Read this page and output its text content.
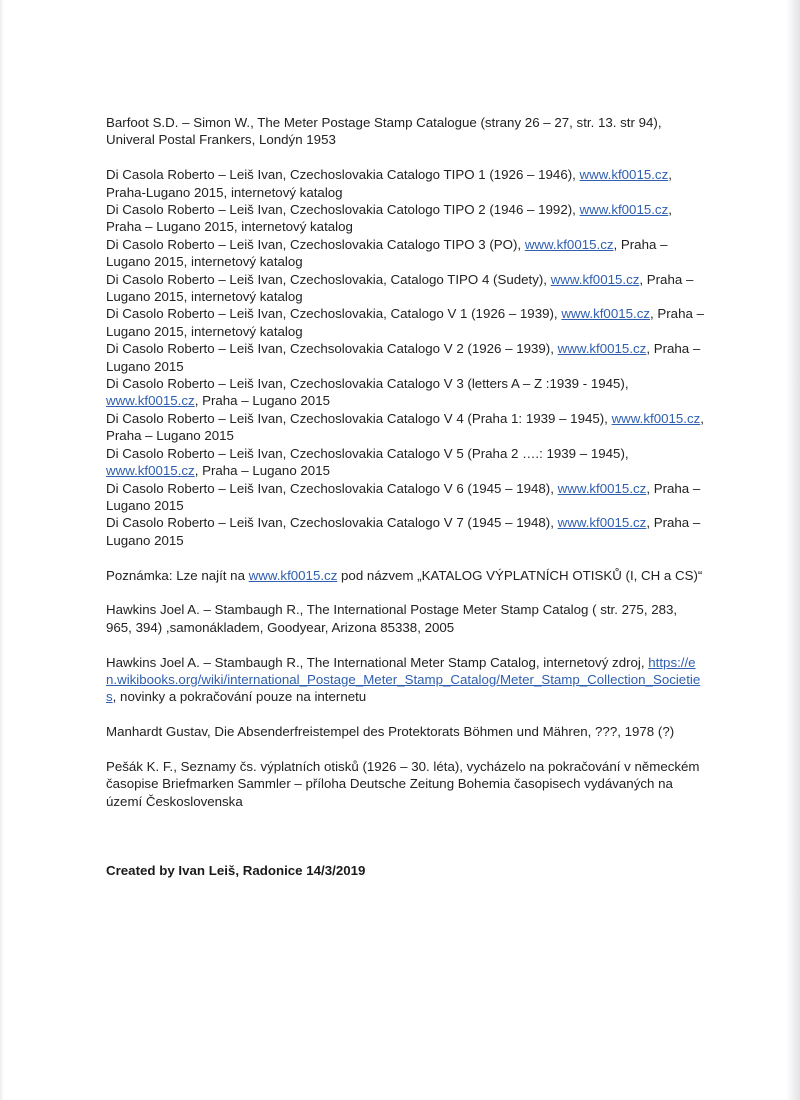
Barfoot S.D. – Simon W., The Meter Postage Stamp Catalogue (strany 26 – 27, str. 13. str 94), Univeral Postal Frankers, Londýn 1953

Di Casola Roberto – Leiš Ivan, Czechoslovakia Catalogo TIPO 1 (1926 – 1946), www.kf0015.cz, Praha-Lugano 2015, internetový katalog

Di Casolo Roberto – Leiš Ivan, Czechoslovakia Catologo TIPO 2 (1946 – 1992), www.kf0015.cz, Praha – Lugano 2015, internetový katalog

Di Casolo Roberto – Leiš Ivan, Czechoslovakia Catalogo TIPO 3 (PO), www.kf0015.cz, Praha – Lugano 2015, internetový katalog

Di Casolo Roberto – Leiš Ivan, Czechoslovakia, Catalogo TIPO 4 (Sudety), www.kf0015.cz, Praha – Lugano 2015, internetový katalog

Di Casolo Roberto – Leiš Ivan, Czechoslovakia, Catalogo V 1 (1926 – 1939), www.kf0015.cz, Praha – Lugano 2015, internetový katalog

Di Casolo Roberto – Leiš Ivan, Czechsolovakia Catalogo V 2 (1926 – 1939), www.kf0015.cz, Praha – Lugano 2015

Di Casolo Roberto – Leiš Ivan, Czechoslovakia Catalogo V 3 (letters A – Z :1939 - 1945), www.kf0015.cz, Praha – Lugano 2015

Di Casolo Roberto – Leiš Ivan, Czechoslovakia Catalogo V 4 (Praha 1: 1939 – 1945), www.kf0015.cz, Praha – Lugano 2015

Di Casolo Roberto – Leiš Ivan, Czechoslovakia Catalogo V 5 (Praha 2 ….: 1939 – 1945), www.kf0015.cz, Praha – Lugano 2015

Di Casolo Roberto – Leiš Ivan, Czechoslovakia Catalogo V 6 (1945 – 1948), www.kf0015.cz, Praha – Lugano 2015

Di Casolo Roberto – Leiš Ivan, Czechoslovakia Catalogo V 7 (1945 – 1948), www.kf0015.cz, Praha – Lugano 2015

Poznámka: Lze najít na www.kf0015.cz pod názvem „KATALOG VÝPLATNÍCH OTISKŮ (I, CH a CS)“

Hawkins Joel A. – Stambaugh R., The International Postage Meter Stamp Catalog ( str. 275, 283, 965, 394) ,samonákladem, Goodyear, Arizona 85338, 2005

Hawkins Joel A. – Stambaugh R., The International Meter Stamp Catalog, internetový zdroj, https://en.wikibooks.org/wiki/international_Postage_Meter_Stamp_Catalog/Meter_Stamp_Collection_Societies, novinky a pokračování pouze na internetu

Manhardt Gustav, Die Absenderfreistempel des Protektorats Böhmen und Mähren, ???, 1978 (?)

Pešák K. F., Seznamy čs. výplatních otisků (1926 – 30. léta), vycházelo na pokračování v německém časopise Briefmarken Sammler – příloha Deutsche Zeitung Bohemia časopisech vydávaných na území Československa

Created by Ivan Leiš, Radonice 14/3/2019
